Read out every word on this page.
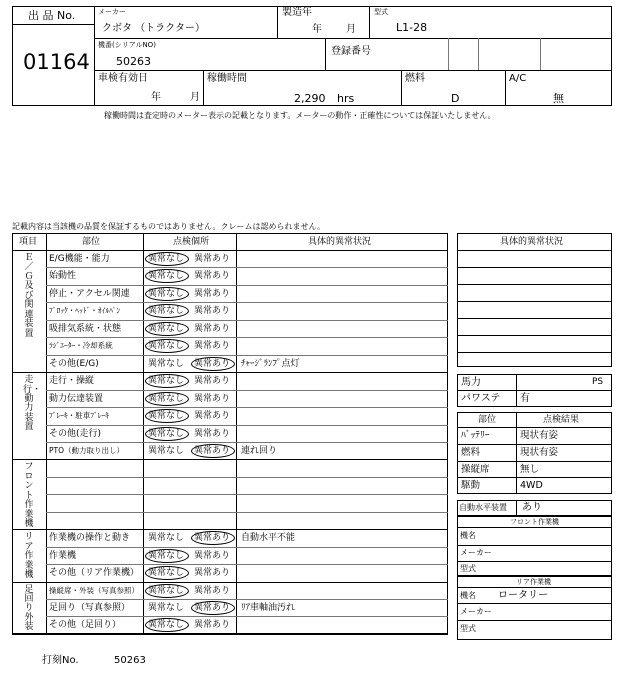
出 品 No.
01164
メーカー
クボタ （トラクター）
製造年
年 月
型式
L1-28
機番(シリアルNO)
50263
登録番号
車検有効日
年	月
稼働時間
2,290 hrs
燃料
D
A/C
無
稼働時間は査定時のメーター表示の記載となります。メーターの動作・正確性については保証いたしません。
記載内容は当該機の品質を保証するものではありません。クレームは認められません。
項目	部位	点検個所	具体的異常状況
Ｅ／Ｇ及び関連装置
E/G機能・能力	異常なし 異常あり
始動性	異常なし 異常あり
停止・アクセル関連 異常なし 異常あり
ﾌﾞﾛｯｸ・ﾍｯﾄﾞ・ｵｲﾙﾊﾟﾝ	異常なし 異常あり
吸排気系統・状態	異常なし 異常あり
ﾗｼﾞｴｰﾀｰ・冷却系統	異常なし 異常あり
その他(E/G)	異常なし 異常あり ﾁｬｰｼﾞﾗﾝﾌﾟ点灯
走行・動力装置
走行・操縦	異常なし 異常あり
動力伝達装置	異常なし 異常あり
ﾌﾞﾚｰｷ・駐車ﾌﾞﾚｰｷ	異常なし 異常あり
その他(走行)	異常なし 異常あり
PTO（動力取り出し）	異常なし 異常あり 連れ回り
フロント作業機
リア作業機
作業機の操作と動き 異常なし 異常あり 自動水平不能
作業機	異常なし 異常あり
その他（リア作業機） 異常なし 異常あり
足回り外装
操縦席・外装（写真参照） 異常なし 異常あり
足回り（写真参照） 異常なし 異常あり ﾘｱ車軸油汚れ
その他（足回り）	異常なし 異常あり
具体的異常状況
馬力	PS
パワステ 有
部位	点検結果
ﾊﾞｯﾃﾘｰ	現状有姿
燃料	現状有姿
操縦席	無し
駆動	4WD
自動水平装置 あり
フロント作業機
機名
メーカー
型式
リア作業機
機名 ロータリー
メーカー
型式
打刻No.	50263
